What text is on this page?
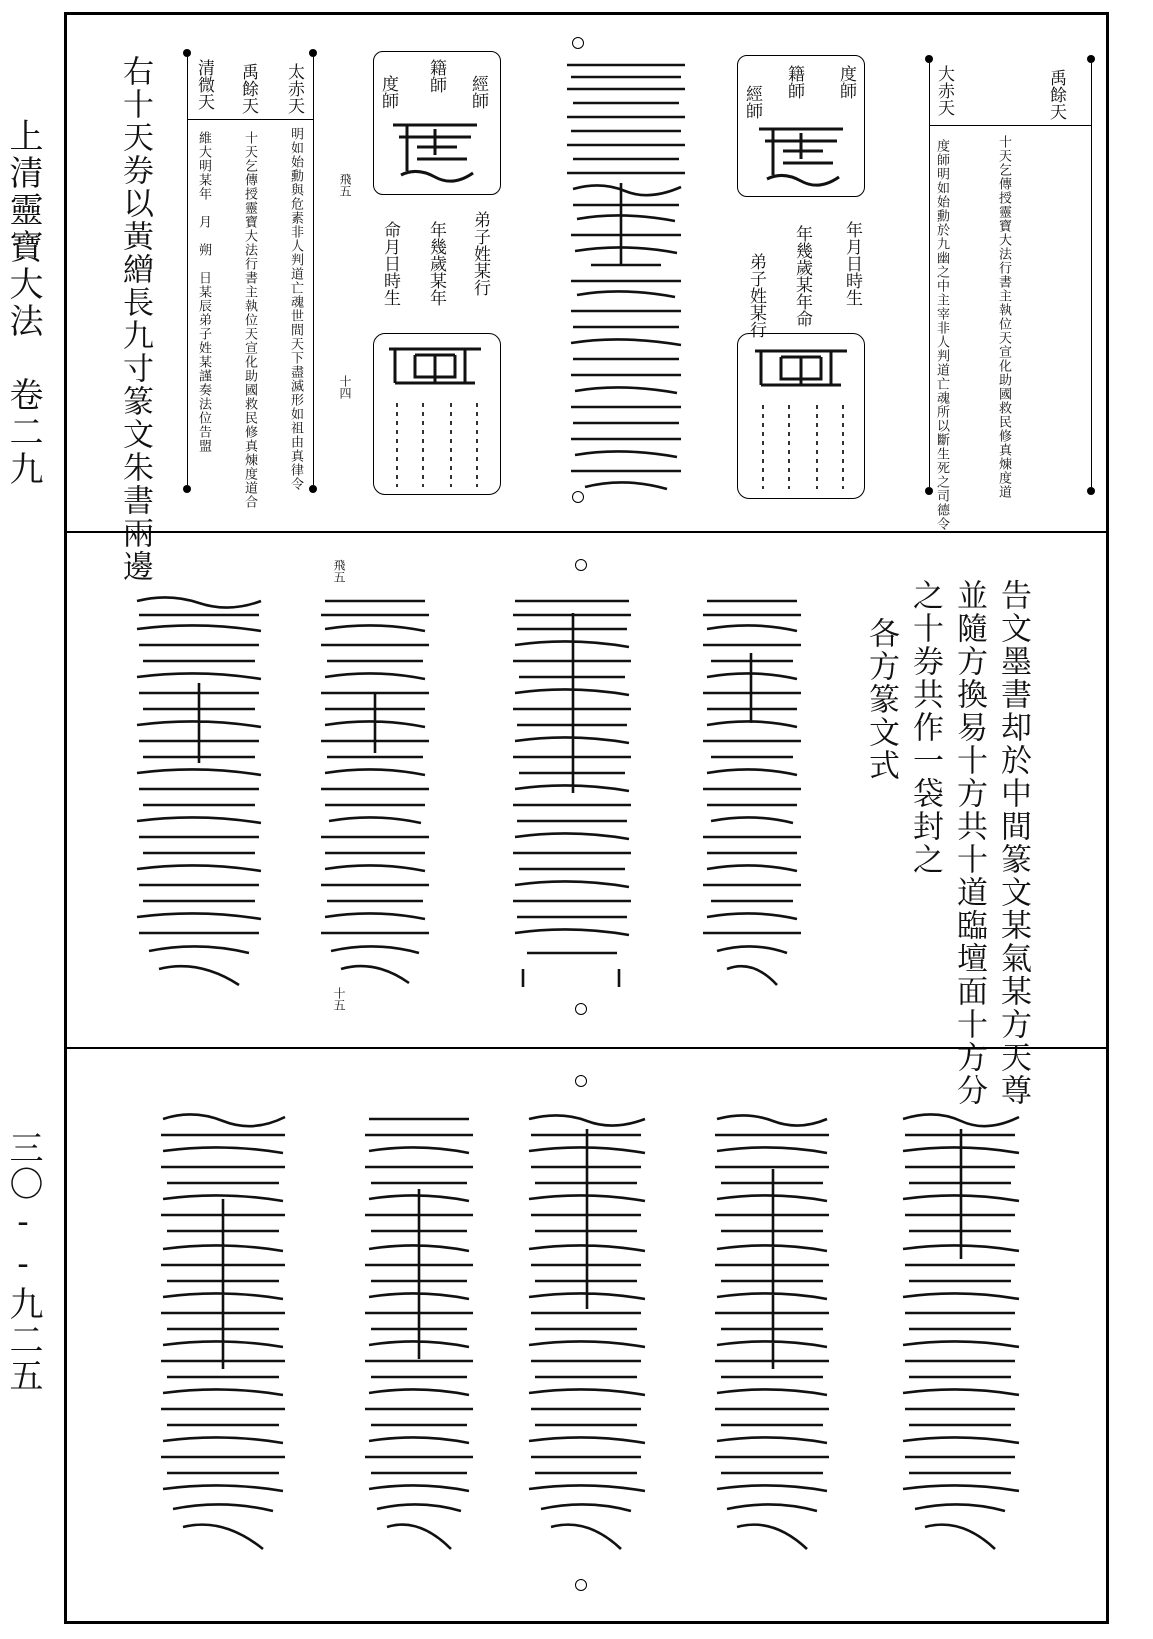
上清靈寶大法　卷二九
三〇--九二五
禹餘天
大赤天
十天乞傳授靈寶大法行書主執位天宣化助國救民修真煉度道
度師明如始勳於九幽之中主宰非人判道亡魂所以斷生死之司德令
度師
籍師
經師
年月日時生
年幾歲某年命
弟子姓某行
飛五
十四
太赤天
禹餘天
清微天
明如始勳與危素非人判道亡魂世間天下盡滅形如祖由真律令
十天乞傳授靈寶大法行書主執位天宣化助國救民修真煉度道合
維大明某年　月　朔　日某辰弟子姓某謹奏法位告盟
經師
籍師
度師
弟子姓某行
年幾歲某年
命月日時生
右十天券以黃繒長九寸篆文朱書兩邊
告文墨書却於中間篆文某氣某方天尊
並隨方換易十方共十道臨壇面十方分
之十券共作一袋封之
各方篆文式
飛五
十五
